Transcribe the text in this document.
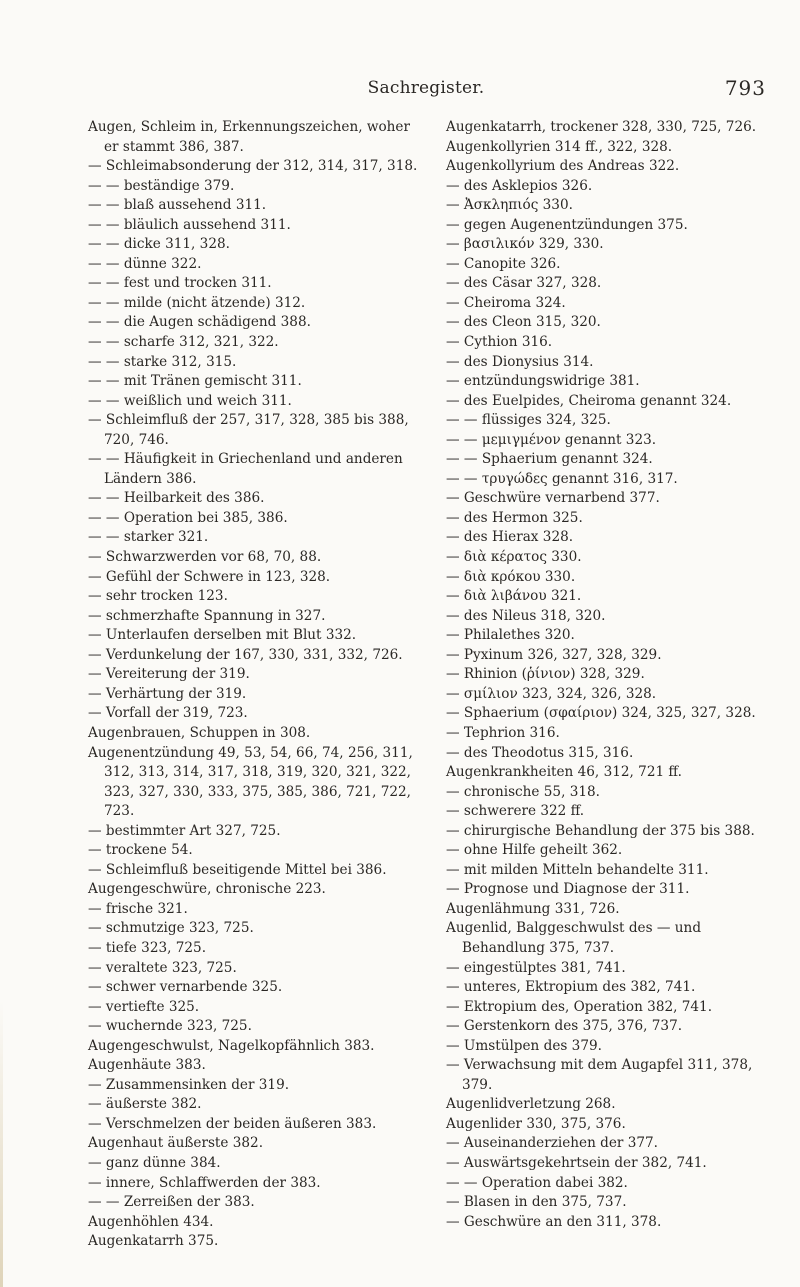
Sachregister.	793

Augen, Schleim in, Erkennungszeichen, woher er stammt 386, 387.

— Schleimabsonderung der 312, 314, 317, 318.

— — beständige 379.

— — blaß aussehend 311.

— — bläulich aussehend 311.

— — dicke 311, 328.

— — dünne 322.

— — fest und trocken 311.

— — milde (nicht ätzende) 312.

— — die Augen schädigend 388.

— — scharfe 312, 321, 322.

— — starke 312, 315.

— — mit Tränen gemischt 311.

— — weißlich und weich 311.

— Schleimfluß der 257, 317, 328, 385 bis 388, 720, 746.

— — Häufigkeit in Griechenland und anderen Ländern 386.

— — Heilbarkeit des 386.

— — Operation bei 385, 386.

— — starker 321.

— Schwarzwerden vor 68, 70, 88.

— Gefühl der Schwere in 123, 328.

— sehr trocken 123.

— schmerzhafte Spannung in 327.

— Unterlaufen derselben mit Blut 332.

— Verdunkelung der 167, 330, 331, 332, 726.

— Vereiterung der 319.

— Verhärtung der 319.

— Vorfall der 319, 723.

Augenbrauen, Schuppen in 308.

Augenentzündung 49, 53, 54, 66, 74, 256, 311, 312, 313, 314, 317, 318, 319, 320, 321, 322, 323, 327, 330, 333, 375, 385, 386, 721, 722, 723.

— bestimmter Art 327, 725.

— trockene 54.

— Schleimfluß beseitigende Mittel bei 386.

Augengeschwüre, chronische 223.

— frische 321.

— schmutzige 323, 725.

— tiefe 323, 725.

— veraltete 323, 725.

— schwer vernarbende 325.

— vertiefte 325.

— wuchernde 323, 725.

Augengeschwulst, Nagelkopfähnlich 383.

Augenhäute 383.

— Zusammensinken der 319.

— äußerste 382.

— Verschmelzen der beiden äußeren 383.

Augenhaut äußerste 382.

— ganz dünne 384.

— innere, Schlaffwerden der 383.

— — Zerreißen der 383.

Augenhöhlen 434.

Augenkatarrh 375.

Augenkatarrh, trockener 328, 330, 725, 726.

Augenkollyrien 314 ff., 322, 328.

Augenkollyrium des Andreas 322.

— des Asklepios 326.

— Ἀσκληπιός 330.

— gegen Augenentzündungen 375.

— βασιλικόν 329, 330.

— Canopite 326.

— des Cäsar 327, 328.

— Cheiroma 324.

— des Cleon 315, 320.

— Cythion 316.

— des Dionysius 314.

— entzündungswidrige 381.

— des Euelpides, Cheiroma genannt 324.

— — flüssiges 324, 325.

— — μεμιγμένον genannt 323.

— — Sphaerium genannt 324.

— — τρυγώδες genannt 316, 317.

— Geschwüre vernarbend 377.

— des Hermon 325.

— des Hierax 328.

— διὰ κέρατος 330.

— διὰ κρόκου 330.

— διὰ λιβάνου 321.

— des Nileus 318, 320.

— Philalethes 320.

— Pyxinum 326, 327, 328, 329.

— Rhinion (ῥίνιον) 328, 329.

— σμίλιον 323, 324, 326, 328.

— Sphaerium (σφαίριον) 324, 325, 327, 328.

— Tephrion 316.

— des Theodotus 315, 316.

Augenkrankheiten 46, 312, 721 ff.

— chronische 55, 318.

— schwerere 322 ff.

— chirurgische Behandlung der 375 bis 388.

— ohne Hilfe geheilt 362.

— mit milden Mitteln behandelte 311.

— Prognose und Diagnose der 311.

Augenlähmung 331, 726.

Augenlid, Balggeschwulst des — und Behandlung 375, 737.

— eingestülptes 381, 741.

— unteres, Ektropium des 382, 741.

— Ektropium des, Operation 382, 741.

— Gerstenkorn des 375, 376, 737.

— Umstülpen des 379.

— Verwachsung mit dem Augapfel 311, 378, 379.

Augenlidverletzung 268.

Augenlider 330, 375, 376.

— Auseinanderziehen der 377.

— Auswärtsgekehrtsein der 382, 741.

— — Operation dabei 382.

— Blasen in den 375, 737.

— Geschwüre an den 311, 378.
